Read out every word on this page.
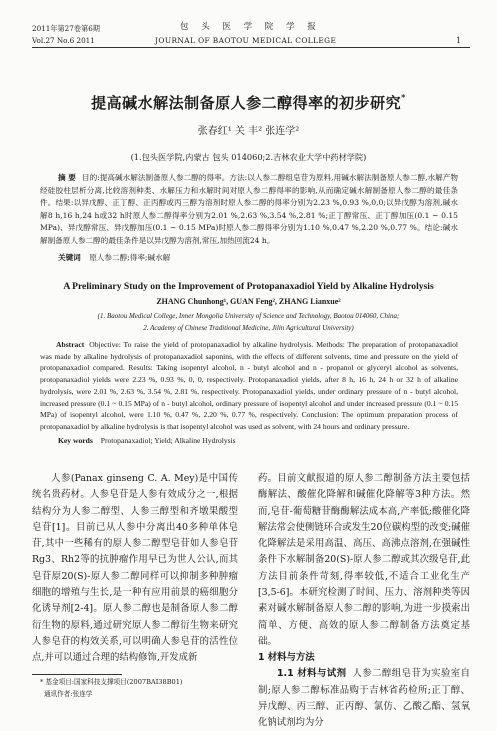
2011年第27卷第6期
Vol.27 No.6 2011
包 头 医 学 院 学 报
JOURNAL OF BAOTOU MEDICAL COLLEGE	1
提高碱水解法制备原人参二醇得率的初步研究*
张春红¹ 关 丰² 张连学²
(1.包头医学院,内蒙古 包头 014060;2.吉林农业大学中药材学院)
摘 要 目的:提高碱水解法制备原人参二醇的得率。方法:以人参二醇组皂苷为原料,用碱水解法制备原人参二醇,水解产物经硅胶柱层析分离,比较溶剂种类、水解压力和水解时间对原人参二醇得率的影响,从而确定碱水解制备原人参二醇的最佳条件。结果:以异戊醇、正丁醇、正丙醇或丙三醇为溶剂时原人参二醇的得率分别为2.23 %,0.93 %,0,0;以异戊醇为溶剂,碱水解8 h,16 h,24 h或32 h时原人参二醇得率分别为2.01 %,2.63 %,3.54 %,2.81 %;正丁醇常压、正丁醇加压(0.1 ~ 0.15 MPa)、异戊醇常压、异戊醇加压(0.1 ~ 0.15 MPa)时原人参二醇得率分别为1.10 %,0.47 %,2.20 %,0.77 %。结论:碱水解制备原人参二醇的最佳条件是以异戊醇为溶剂,常压,加热回流24 h。
关键词 原人参二醇;得率;碱水解
A Preliminary Study on the Improvement of Protopanaxadiol Yield by Alkaline Hydrolysis
ZHANG Chunhong¹, GUAN Feng², ZHANG Lianxue²
(1. Baotou Medical College, Inner Mongolia University of Science and Technology, Baotou 014060, China;
2. Academy of Chinese Traditional Medicine, Jilin Agricultural University)
Abstract Objective: To raise the yield of protopanaxadiol by alkaline hydrolysis. Methods: The preparation of protopanaxadiol was made by alkaline hydrolysis of protopanaxadiol saponins, with the effects of different solvents, time and pressure on the yield of protopanaxadiol compared. Results: Taking isopentyl alcohol, n - butyl alcohol and n - propanol or glyceryl alcohol as solvents, protopanaxadiol yields were 2.23 %, 0.93 %, 0, 0, respectively. Protopanaxadiol yields, after 8 h, 16 h, 24 h or 32 h of alkaline hydrolysis, were 2.01 %, 2.63 %, 3.54 %, 2.81 %, respectively. Protopanaxadiol yields, under ordinary pressure of n - butyl alcohol, increased pressure (0.1 ~ 0.15 MPa) of n - butyl alcohol, ordinary pressure of isopentyl alcohol and under increased pressure (0.1 ~ 0.15 MPa) of isopentyl alcohol, were 1.10 %, 0.47 %, 2.20 %, 0.77 %, respectively. Conclusion: The optimum preparation process of protopanaxadiol by alkaline hydrolysis is that isopentyl alcohol was used as solvent, with 24 hours and ordinary pressure.
Key words Protopanaxadiol; Yield; Alkaline Hydrolysis
人参(Panax ginseng C. A. Mey)是中国传统名贵药材。人参皂苷是人参有效成分之一,根据结构分为人参二醇型、人参三醇型和齐墩果酸型皂苷[1]。目前已从人参中分离出40多种单体皂苷,其中一些稀有的原人参二醇型皂苷如人参皂苷Rg3、Rh2等的抗肿瘤作用早已为世人公认,而其皂苷原20(S)-原人参二醇同样可以抑制多种肿瘤细胞的增殖与生长,是一种有应用前景的癌细胞分化诱导剂[2-4]。原人参二醇也是制备原人参二醇衍生物的原料,通过研究原人参二醇衍生物来研究人参皂苷的构效关系,可以明确人参皂苷的活性位点,并可以通过合理的结构修饰,开发成新
药。目前文献报道的原人参二醇制备方法主要包括酶解法、酸催化降解和碱催化降解等3种方法。然而,皂苷-葡萄糖苷酶酶解法成本高,产率低;酸催化降解法常会使侧链环合或发生20位碳构型的改变;碱催化降解法是采用高温、高压、高沸点溶剂,在强碱性条件下水解制备20(S)-原人参二醇或其次级皂苷,此方法目前条件苛刻,得率较低,不适合工业化生产[3,5-6]。本研究检测了时间、压力、溶剂种类等因素对碱水解制备原人参二醇的影响,为进一步摸索出简单、方便、高效的原人参二醇制备方法奠定基础。
1 材料与方法
1.1 材料与试剂 人参二醇组皂苷为实验室自制;原人参二醇标准品购于吉林省药检所;正丁醇、异戊醇、丙三醇、正丙醇、氯仿、乙酸乙酯、氢氧化钠试剂均为分
* 基金项目:国家科技支撑项目(2007BAI38B01)
通讯作者:张连学
